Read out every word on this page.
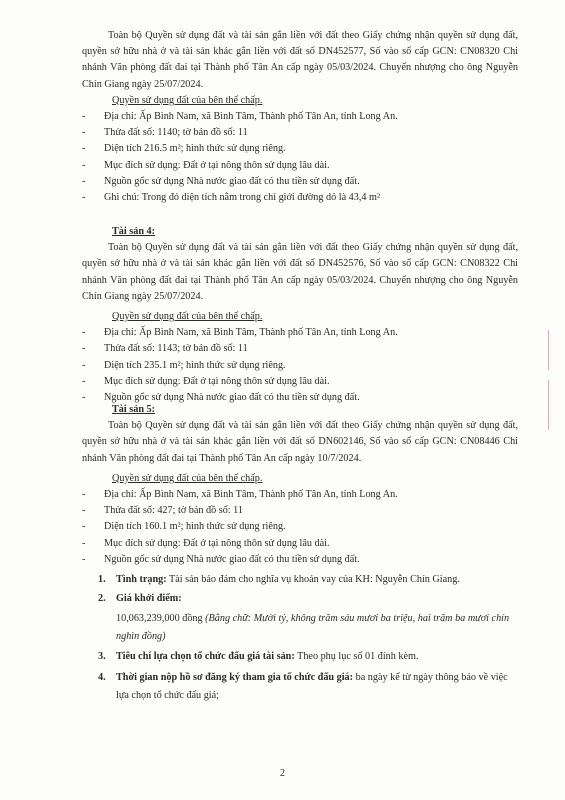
Toàn bộ Quyền sử dụng đất và tài sản gắn liền với đất theo Giấy chứng nhận quyền sử dụng đất, quyền sở hữu nhà ở và tài sản khác gắn liền với đất số DN452577, Số vào sổ cấp GCN: CN08320 Chi nhánh Văn phòng đất đai tại Thành phố Tân An cấp ngày 05/03/2024. Chuyển nhượng cho ông Nguyễn Chín Giang ngày 25/07/2024.

Quyền sử dụng đất của bên thế chấp.
- Địa chỉ: Ấp Bình Nam, xã Bình Tâm, Thành phố Tân An, tỉnh Long An.
- Thửa đất số: 1140; tờ bản đồ số: 11
- Diện tích 216.5 m²; hình thức sử dụng riêng.
- Mục đích sử dụng: Đất ở tại nông thôn sử dụng lâu dài.
- Nguồn gốc sử dụng Nhà nước giao đất có thu tiền sử dụng đất.
- Ghi chú: Trong đó diện tích nằm trong chỉ giới đường dỏ là 43,4 m²
Tài sản 4:

Toàn bộ Quyền sử dụng đất và tài sản gắn liền với đất theo Giấy chứng nhận quyền sử dụng đất, quyền sở hữu nhà ở và tài sản khác gắn liền với đất số DN452576, Số vào sổ cấp GCN: CN08322 Chi nhánh Văn phòng đất đai tại Thành phố Tân An cấp ngày 05/03/2024. Chuyển nhượng cho ông Nguyễn Chín Giang ngày 25/07/2024.

Quyền sử dụng đất của bên thế chấp.
- Địa chỉ: Ấp Bình Nam, xã Bình Tâm, Thành phố Tân An, tỉnh Long An.
- Thửa đất số: 1143; tờ bản đồ số: 11
- Diện tích 235.1 m²; hình thức sử dụng riêng.
- Mục đích sử dụng: Đất ở tại nông thôn sử dụng lâu dài.
- Nguồn gốc sử dụng Nhà nước giao đất có thu tiền sử dụng đất.
Tài sản 5:

Toàn bộ Quyền sử dụng đất và tài sản gắn liền với đất theo Giấy chứng nhận quyền sử dụng đất, quyền sở hữu nhà ở và tài sản khác gắn liền với đất số DN602146, Số vào sổ cấp GCN: CN08446 Chi nhánh Văn phòng đất đai tại Thành phố Tân An cấp ngày 10/7/2024.

Quyền sử dụng đất của bên thế chấp.
- Địa chỉ: Ấp Bình Nam, xã Bình Tâm, Thành phố Tân An, tỉnh Long An.
- Thửa đất số: 427; tờ bản đồ số: 11
- Diện tích 160.1 m²; hình thức sử dụng riêng.
- Mục đích sử dụng: Đất ở tại nông thôn sử dụng lâu dài.
- Nguồn gốc sử dụng Nhà nước giao đất có thu tiền sử dụng đất.
1. Tình trạng: Tài sản bảo đảm cho nghĩa vụ khoản vay của KH: Nguyễn Chín Giang.
2. Giá khởi điểm:
10,063,239,000 đồng (Bằng chữ: Mười tỷ, không trăm sáu mươi ba triệu, hai trăm ba mươi chín nghìn đồng)
3. Tiêu chí lựa chọn tổ chức đấu giá tài sản: Theo phụ lục số 01 đính kèm.
4. Thời gian nộp hồ sơ đăng ký tham gia tổ chức đấu giá: ba ngày kể từ ngày thông báo về việc lựa chọn tổ chức đấu giá;
2
